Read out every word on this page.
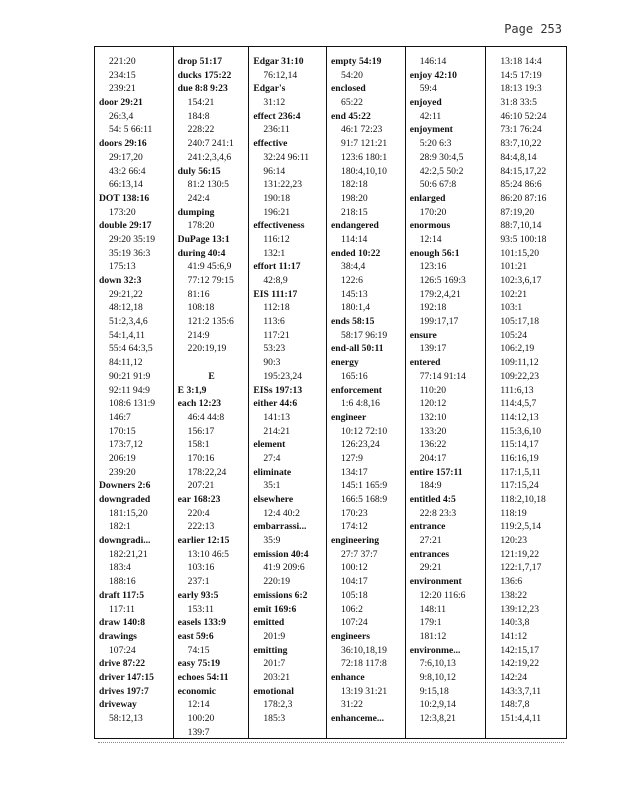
Page 253
221:20
234:15
239:21
door 29:21
26:3,4
54: 5 66:11
doors 29:16
29:17,20
43:2 66:4
66:13,14
DOT 138:16
173:20
double 29:17
29:20 35:19
35:19 36:3
175:13
down 32:3
29:21,22
48:12,18
51:2,3,4,6
54:1,4,11
55:4 64:3,5
84:11,12
90:21 91:9
92:11 94:9
108:6 131:9
146:7
170:15
173:7,12
206:19
239:20
Downers 2:6
downgraded
181:15,20
182:1
downgradi...
182:21,21
183:4
188:16
draft 117:5
117:11
draw 140:8
drawings
107:24
drive 87:22
driver 147:15
drives 197:7
driveway
58:12,13
drop 51:17
ducks 175:22
due 8:8 9:23
154:21
184:8
228:22
240:7 241:1
241:2,3,4,6
duly 56:15
81:2 130:5
242:4
dumping
178:20
DuPage 13:1
during 40:4
41:9 45:6,9
77:12 79:15
81:16
108:18
121:2 135:6
214:9
220:19,19
E
E 3:1,9
each 12:23
46:4 44:8
156:17
158:1
170:16
178:22,24
207:21
ear 168:23
220:4
222:13
earlier 12:15
13:10 46:5
103:16
237:1
early 93:5
153:11
easels 133:9
east 59:6
74:15
easy 75:19
echoes 54:11
economic
12:14
100:20
139:7
Edgar 31:10
76:12,14
Edgar's
31:12
effect 236:4
236:11
effective
32:24 96:11
96:14
131:22,23
190:18
196:21
effectiveness
116:12
132:1
effort 11:17
42:8,9
EIS 111:17
112:18
113:6
117:21
53:23
90:3
195:23,24
EISs 197:13
either 44:6
141:13
214:21
element
27:4
eliminate
35:1
elsewhere
12:4 40:2
embarrassi...
35:9
emission 40:4
41:9 209:6
220:19
emissions 6:2
emit 169:6
emitted
201:9
emitting
201:7
203:21
emotional
178:2,3
185:3
empty 54:19
54:20
enclosed
65:22
end 45:22
46:1 72:23
91:7 121:21
123:6 180:1
180:4,10,10
182:18
198:20
218:15
endangered
114:14
ended 10:22
38:4,4
122:6
145:13
180:1,4
ends 58:15
58:17 96:19
end-all 50:11
energy
165:16
enforcement
1:6 4:8,16
engineer
10:12 72:10
126:23,24
127:9
134:17
145:1 165:9
166:5 168:9
170:23
174:12
engineering
27:7 37:7
100:12
104:17
105:18
106:2
107:24
engineers
36:10,18,19
72:18 117:8
enhance
13:19 31:21
31:22
enhanceme...
146:14
enjoy 42:10
59:4
enjoyed
42:11
enjoyment
5:20 6:3
28:9 30:4,5
42:2,5 50:2
50:6 67:8
enlarged
170:20
enormous
12:14
enough 56:1
123:16
126:5 169:3
179:2,4,21
192:18
199:17,17
ensure
139:17
entered
77:14 91:14
110:20
120:12
132:10
133:20
136:22
204:17
entire 157:11
184:9
entitled 4:5
22:8 23:3
entrance
27:21
entrances
29:21
environment
12:20 116:6
148:11
179:1
181:12
environme...
7:6,10,13
9:8,10,12
9:15,18
10:2,9,14
12:3,8,21
13:18 14:4
14:5 17:19
18:13 19:3
31:8 33:5
46:10 52:24
73:1 76:24
83:7,10,22
84:4,8,14
84:15,17,22
85:24 86:6
86:20 87:16
87:19,20
88:7,10,14
93:5 100:18
101:15,20
101:21
102:3,6,17
102:21
103:1
105:17,18
105:24
106:2,19
109:11,12
109:22,23
111:6,13
114:4,5,7
114:12,13
115:3,6,10
115:14,17
116:16,19
117:1,5,11
117:15,24
118:2,10,18
118:19
119:2,5,14
120:23
121:19,22
122:1,7,17
136:6
138:22
139:12,23
140:3,8
141:12
142:15,17
142:19,22
142:24
143:3,7,11
148:7,8
151:4,4,11
